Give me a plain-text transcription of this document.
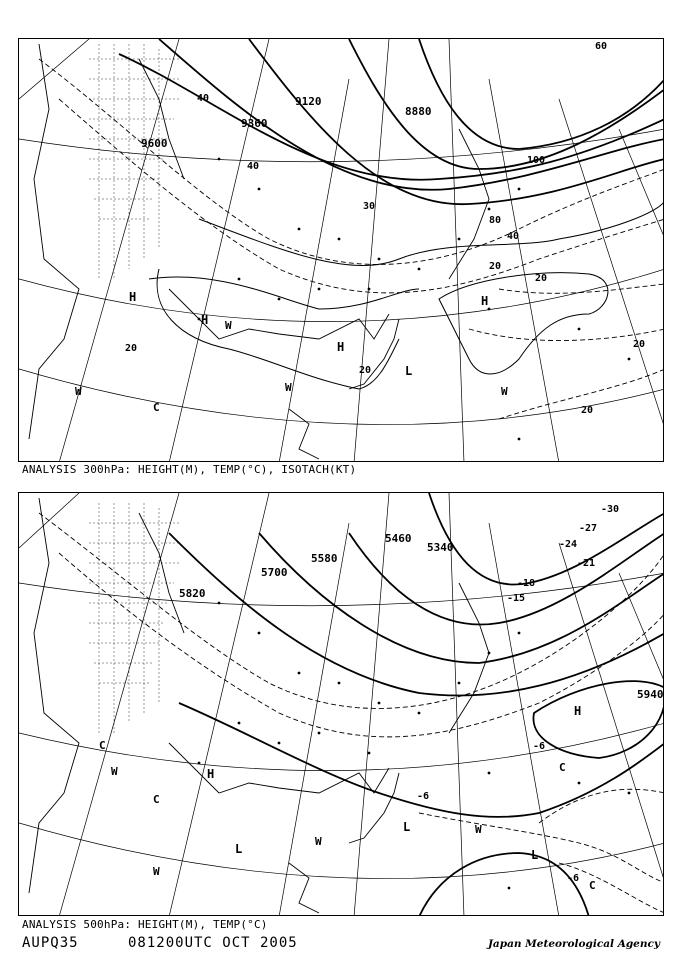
9600
9360
9120
8880
40
40
40
60
80
100
20
20
20
20
20
20
30
H
H
H
H
L
W
W	W	W
C
ANALYSIS 300hPa: HEIGHT(M), TEMP(°C), ISOTACH(KT)
5820
5700
5580
5460
5340
5940
-30
-27
-24
-21
-18
-15
-6
-6
-6
H
H
L
L
L
W
W
W
W
C
C
C
C
ANALYSIS 500hPa: HEIGHT(M), TEMP(°C)
AUPQ35	081200UTC OCT 2005	Japan Meteorological Agency
